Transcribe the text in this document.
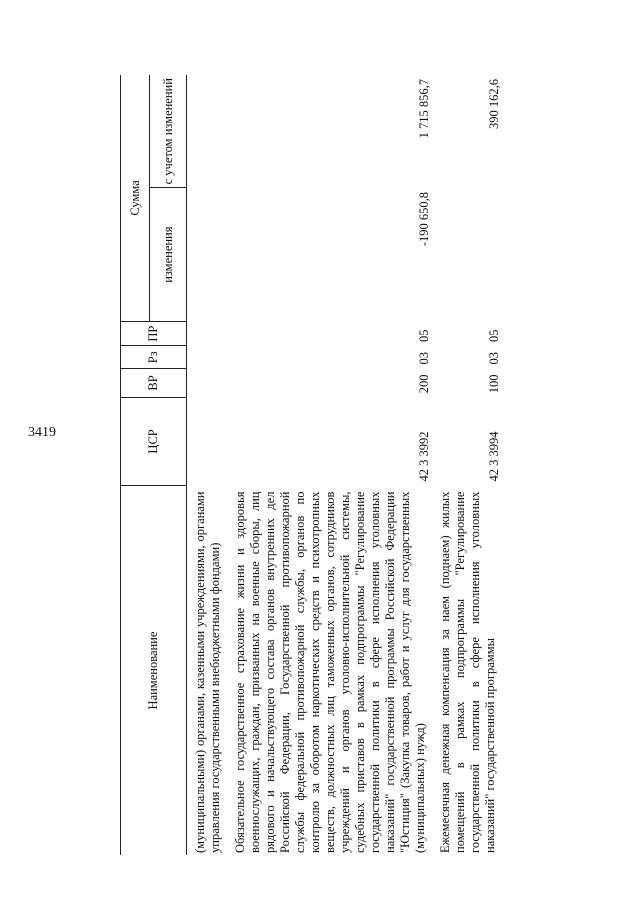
3419
Наименование	ЦСР	ВР	Рз	ПР	Сумма	
					изменения	с учетом изменений
(муниципальными) органами, казенными учреждениями, органами управления государственными внебюджетными фондами)						
Обязательное государственное страхование жизни и здоровья военнослужащих, граждан, призванных на военные сборы, лиц рядового и начальствующего состава органов внутренних дел Российской Федерации, Государственной противопожарной службы федеральной противопожарной службы, органов по контролю за оборотом наркотических средств и психотропных веществ, должностных лиц таможенных органов, сотрудников учреждений и органов уголовно-исполнительной системы, судебных приставов в рамках подпрограммы "Регулирование государственной политики в сфере исполнения уголовных наказаний" государственной программы Российской Федерации "Юстиция" (Закупка товаров, работ и услуг для государственных (муниципальных) нужд)	42 3 3992	200	03	05	-190 650,8	1 715 856,7
Ежемесячная денежная компенсация за наем (поднаем) жилых помещений в рамках подпрограммы "Регулирование государственной политики в сфере исполнения уголовных наказаний" государственной программы	42 3 3994	100	03	05		390 162,6
